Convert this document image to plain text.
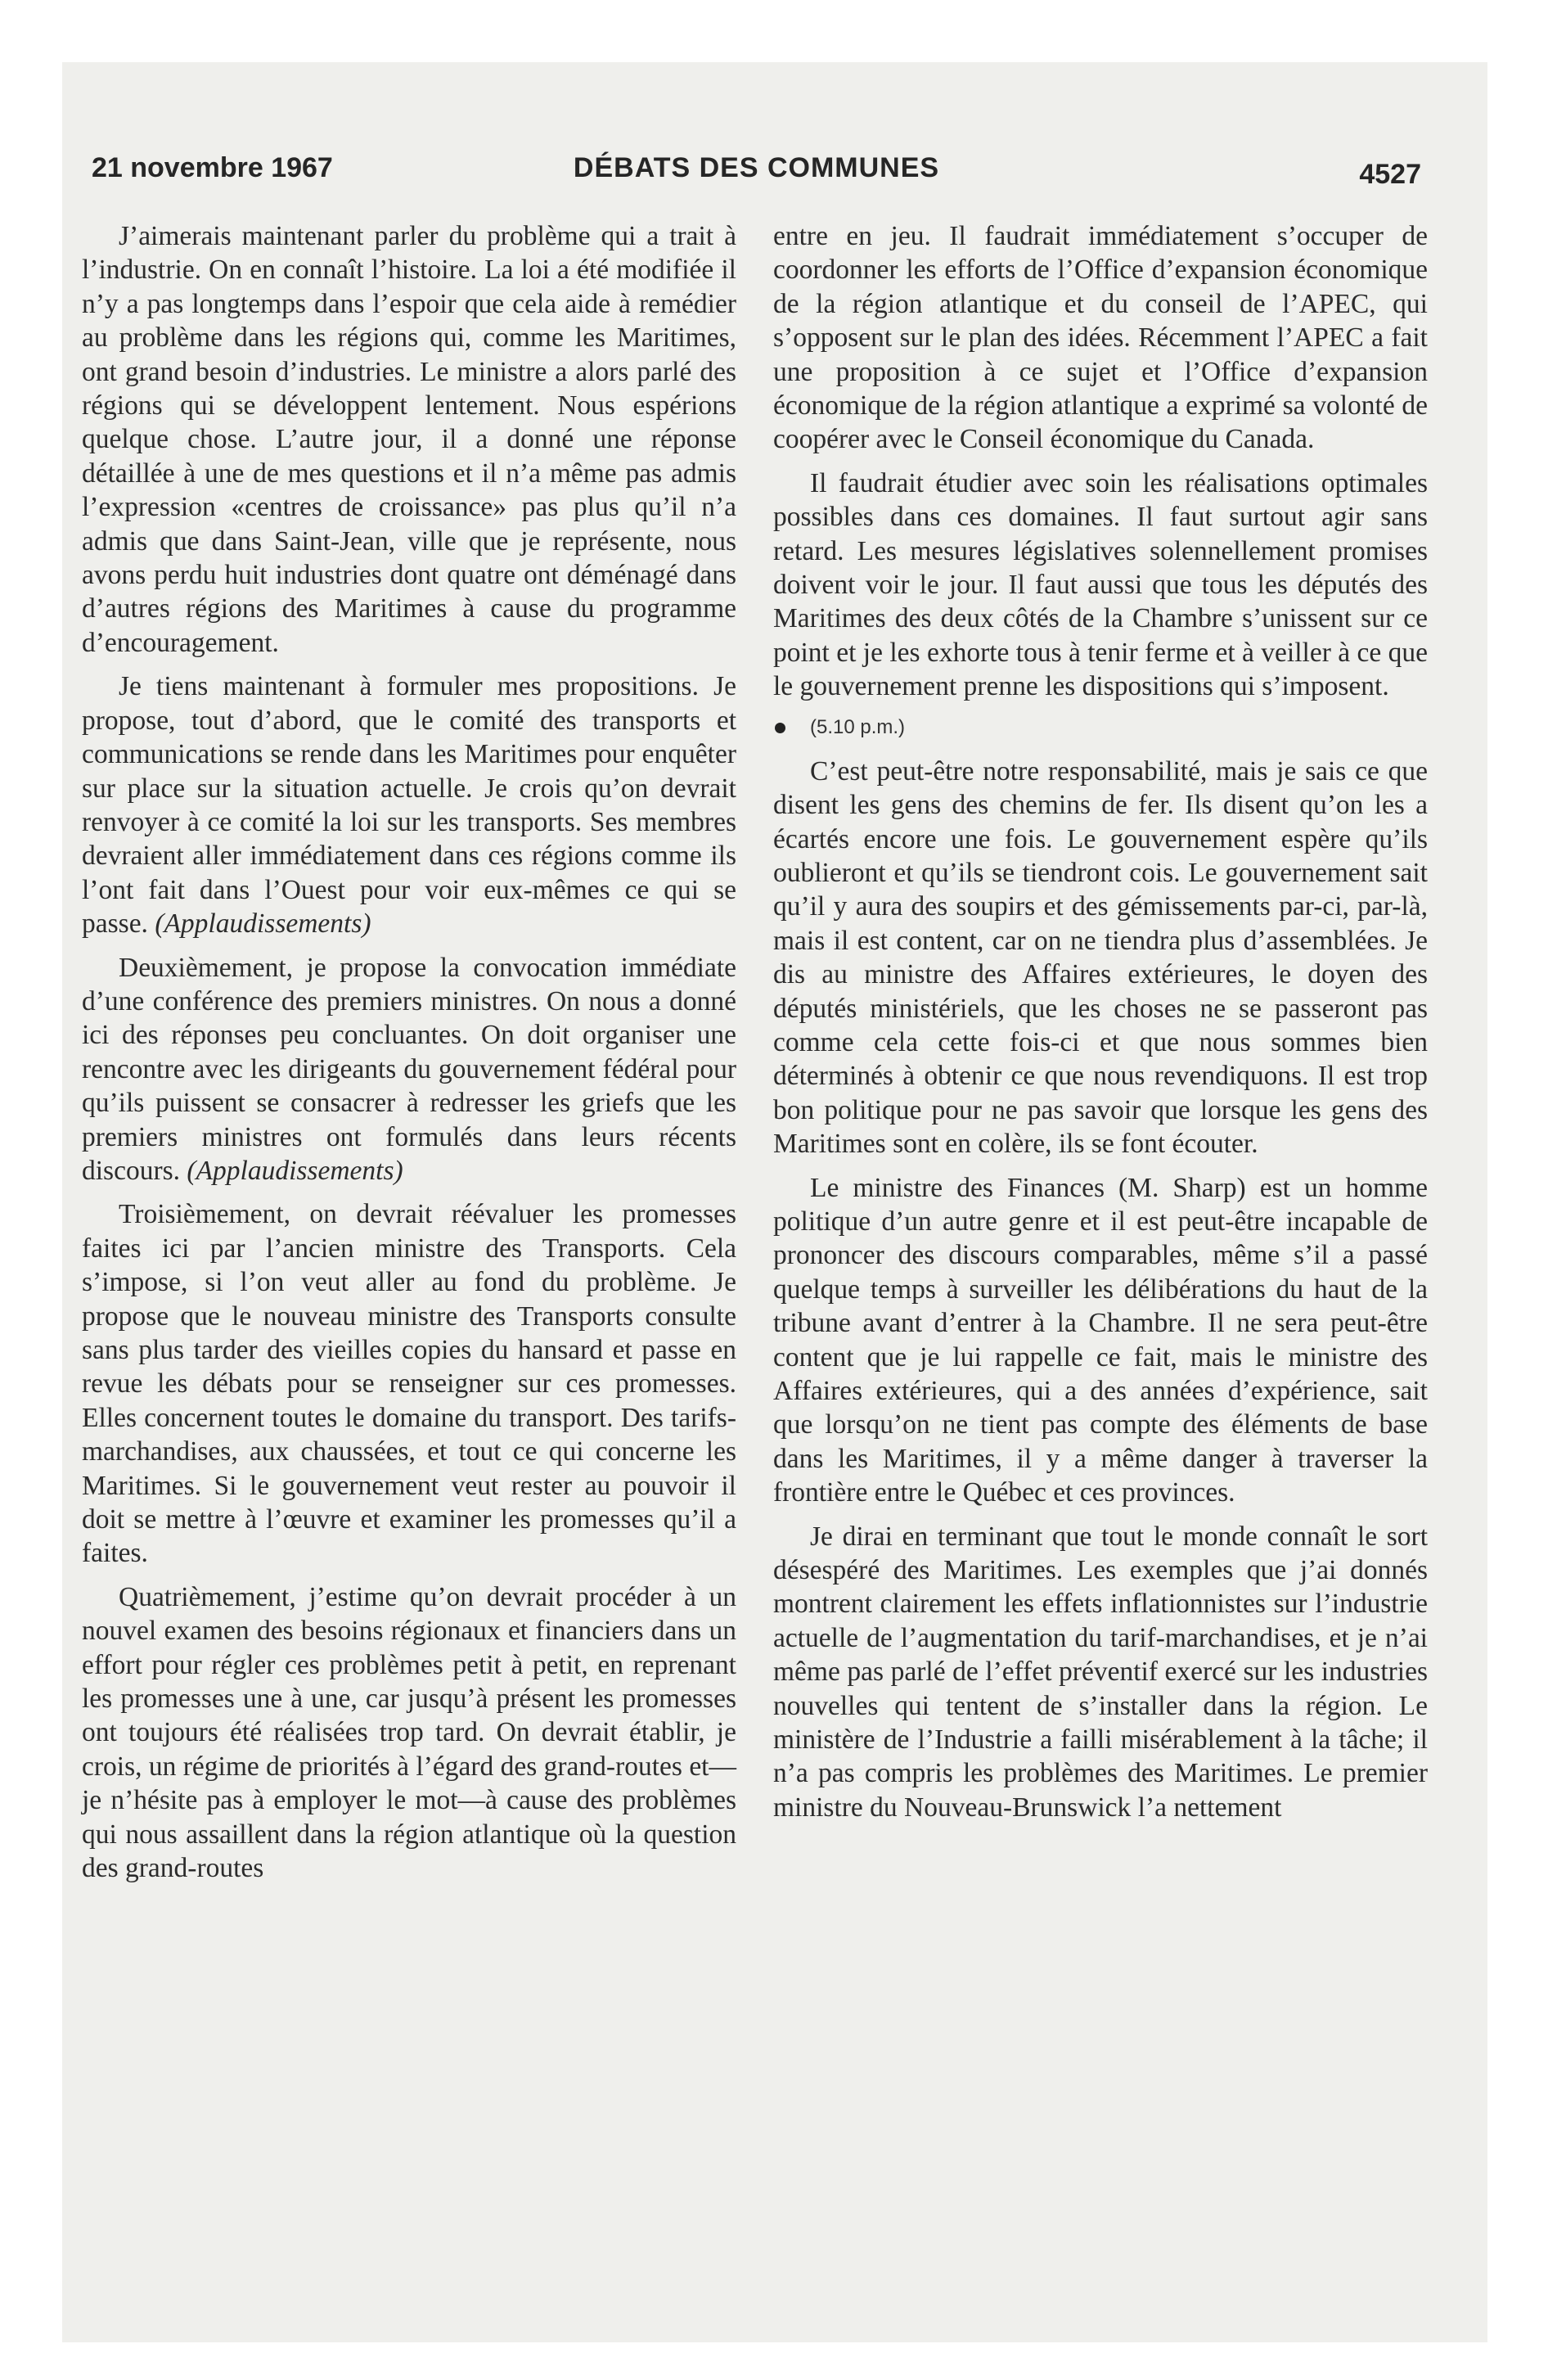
21 novembre 1967	DÉBATS DES COMMUNES	4527

J’aimerais maintenant parler du problème qui a trait à l’industrie. On en connaît l’histoire. La loi a été modifiée il n’y a pas longtemps dans l’espoir que cela aide à remédier au problème dans les régions qui, comme les Maritimes, ont grand besoin d’industries. Le ministre a alors parlé des régions qui se développent lentement. Nous espérions quelque chose. L’autre jour, il a donné une réponse détaillée à une de mes questions et il n’a même pas admis l’expression «centres de croissance» pas plus qu’il n’a admis que dans Saint-Jean, ville que je représente, nous avons perdu huit industries dont quatre ont déménagé dans d’autres régions des Maritimes à cause du programme d’encouragement.

Je tiens maintenant à formuler mes propositions. Je propose, tout d’abord, que le comité des transports et communications se rende dans les Maritimes pour enquêter sur place sur la situation actuelle. Je crois qu’on devrait renvoyer à ce comité la loi sur les transports. Ses membres devraient aller immédiatement dans ces régions comme ils l’ont fait dans l’Ouest pour voir eux-mêmes ce qui se passe. (Applaudissements)

Deuxièmement, je propose la convocation immédiate d’une conférence des premiers ministres. On nous a donné ici des réponses peu concluantes. On doit organiser une rencontre avec les dirigeants du gouvernement fédéral pour qu’ils puissent se consacrer à redresser les griefs que les premiers ministres ont formulés dans leurs récents discours. (Applaudissements)

Troisièmement, on devrait réévaluer les promesses faites ici par l’ancien ministre des Transports. Cela s’impose, si l’on veut aller au fond du problème. Je propose que le nouveau ministre des Transports consulte sans plus tarder des vieilles copies du hansard et passe en revue les débats pour se renseigner sur ces promesses. Elles concernent toutes le domaine du transport. Des tarifs-marchandises, aux chaussées, et tout ce qui concerne les Maritimes. Si le gouvernement veut rester au pouvoir il doit se mettre à l’œuvre et examiner les promesses qu’il a faites.

Quatrièmement, j’estime qu’on devrait procéder à un nouvel examen des besoins régionaux et financiers dans un effort pour régler ces problèmes petit à petit, en reprenant les promesses une à une, car jusqu’à présent les promesses ont toujours été réalisées trop tard. On devrait établir, je crois, un régime de priorités à l’égard des grand-routes et—je n’hésite pas à employer le mot—à cause des problèmes qui nous assaillent dans la région atlantique où la question des grand-routes

entre en jeu. Il faudrait immédiatement s’occuper de coordonner les efforts de l’Office d’expansion économique de la région atlantique et du conseil de l’APEC, qui s’opposent sur le plan des idées. Récemment l’APEC a fait une proposition à ce sujet et l’Office d’expansion économique de la région atlantique a exprimé sa volonté de coopérer avec le Conseil économique du Canada.

Il faudrait étudier avec soin les réalisations optimales possibles dans ces domaines. Il faut surtout agir sans retard. Les mesures législatives solennellement promises doivent voir le jour. Il faut aussi que tous les députés des Maritimes des deux côtés de la Chambre s’unissent sur ce point et je les exhorte tous à tenir ferme et à veiller à ce que le gouvernement prenne les dispositions qui s’imposent.

(5.10 p.m.)

C’est peut-être notre responsabilité, mais je sais ce que disent les gens des chemins de fer. Ils disent qu’on les a écartés encore une fois. Le gouvernement espère qu’ils oublieront et qu’ils se tiendront cois. Le gouvernement sait qu’il y aura des soupirs et des gémissements par-ci, par-là, mais il est content, car on ne tiendra plus d’assemblées. Je dis au ministre des Affaires extérieures, le doyen des députés ministériels, que les choses ne se passeront pas comme cela cette fois-ci et que nous sommes bien déterminés à obtenir ce que nous revendiquons. Il est trop bon politique pour ne pas savoir que lorsque les gens des Maritimes sont en colère, ils se font écouter.

Le ministre des Finances (M. Sharp) est un homme politique d’un autre genre et il est peut-être incapable de prononcer des discours comparables, même s’il a passé quelque temps à surveiller les délibérations du haut de la tribune avant d’entrer à la Chambre. Il ne sera peut-être content que je lui rappelle ce fait, mais le ministre des Affaires extérieures, qui a des années d’expérience, sait que lorsqu’on ne tient pas compte des éléments de base dans les Maritimes, il y a même danger à traverser la frontière entre le Québec et ces provinces.

Je dirai en terminant que tout le monde connaît le sort désespéré des Maritimes. Les exemples que j’ai donnés montrent clairement les effets inflationnistes sur l’industrie actuelle de l’augmentation du tarif-marchandises, et je n’ai même pas parlé de l’effet préventif exercé sur les industries nouvelles qui tentent de s’installer dans la région. Le ministère de l’Industrie a failli misérablement à la tâche; il n’a pas compris les problèmes des Maritimes. Le premier ministre du Nouveau-Brunswick l’a nettement
